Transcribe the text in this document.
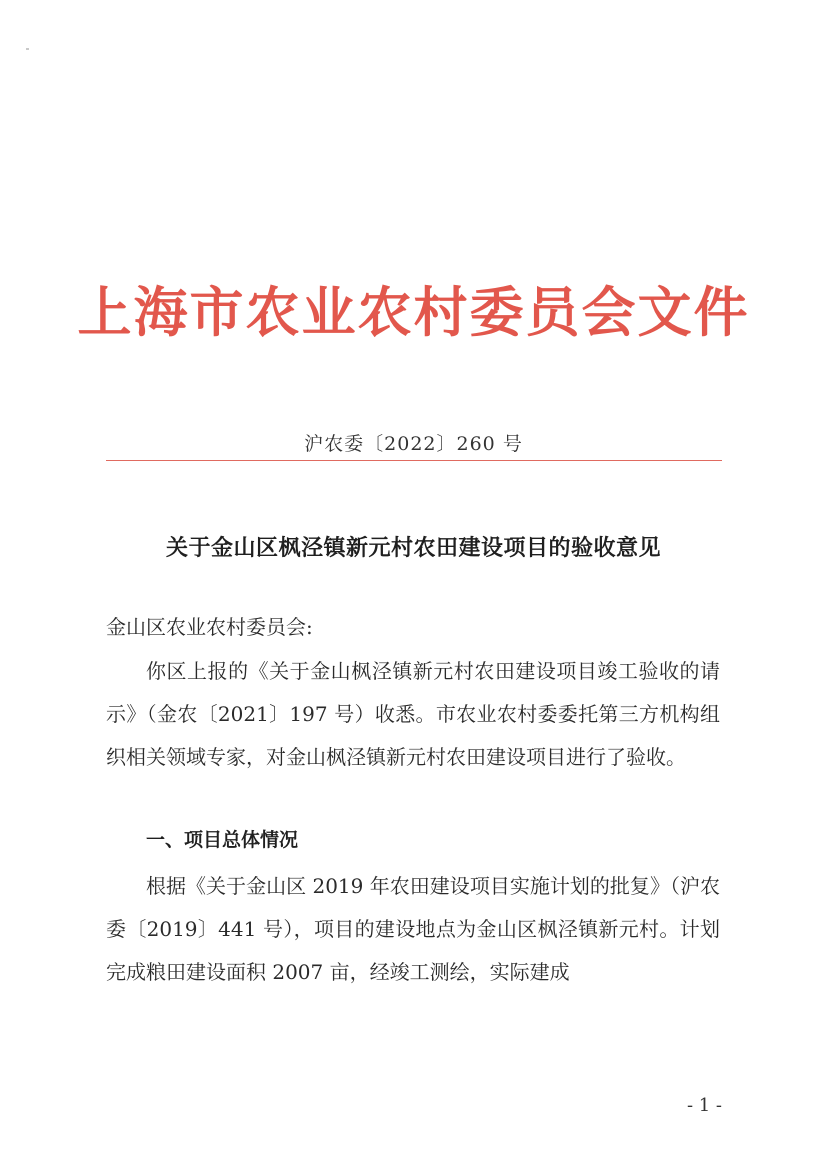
上海市农业农村委员会文件
沪农委〔2022〕260 号
关于金山区枫泾镇新元村农田建设项目的验收意见
金山区农业农村委员会:

你区上报的《关于金山枫泾镇新元村农田建设项目竣工验收的请示》（金农〔2021〕197 号）收悉。市农业农村委委托第三方机构组织相关领域专家，对金山枫泾镇新元村农田建设项目进行了验收。

一、项目总体情况

根据《关于金山区 2019 年农田建设项目实施计划的批复》（沪农委〔2019〕441 号），项目的建设地点为金山区枫泾镇新元村。计划完成粮田建设面积 2007 亩，经竣工测绘，实际建成

- 1 -
